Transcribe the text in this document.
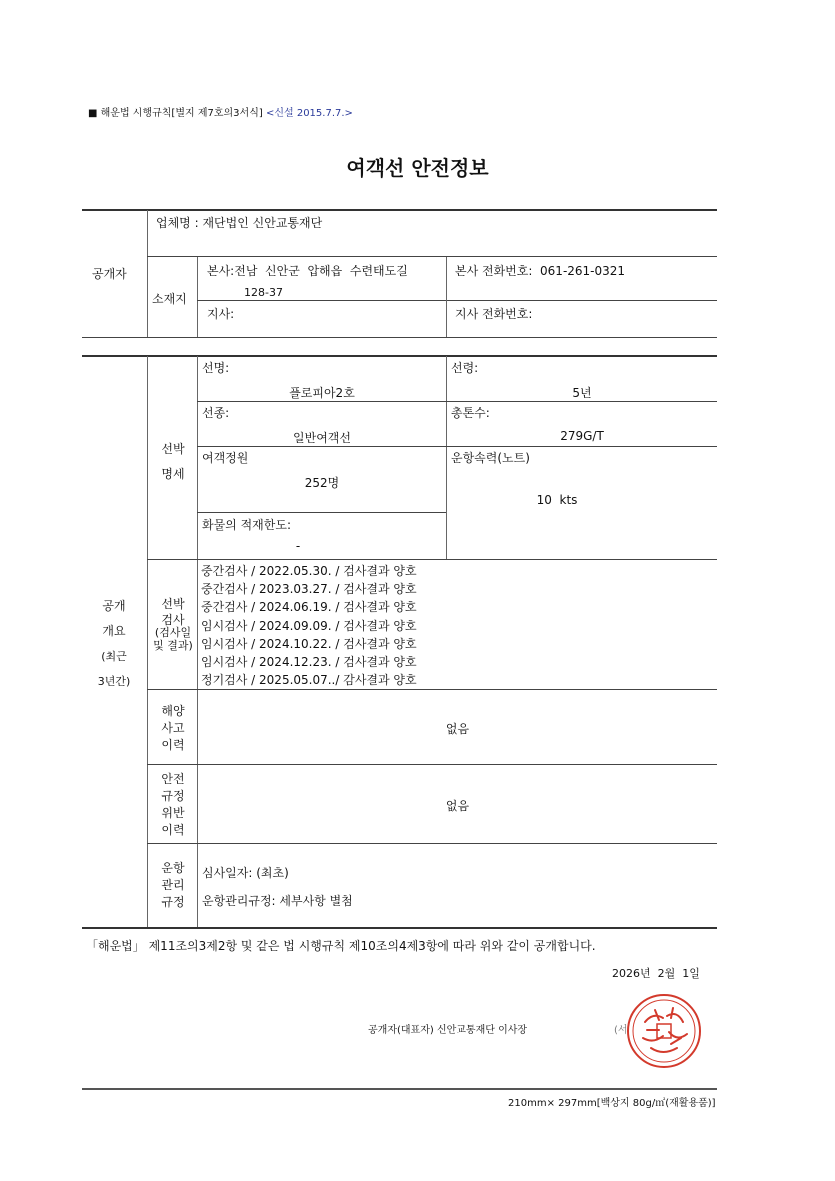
■ 해운법 시행규칙[별지 제7호의3서식] <신설 2015.7.7.>
여객선 안전정보
공개자
업체명 : 재단법인 신안교통재단
소재지
본사:전남  신안군  압해읍  수련태도길
128-37
본사 전화번호:  061-261-0321
지사:	지사 전화번호:
공개
개요
(최근
3년간)
선박
명세
선박
검사
(검사일
및 결과)
해양
사고
이력
안전
규정
위반
이력
운항
관리
규정
선명:
플로피아2호
선령:
5년
선종:
일반여객선
총톤수:
279G/T
여객정원
252명
운항속력(노트)
10  kts
화물의 적재한도:
-
중간검사 / 2022.05.30. / 검사결과 양호
중간검사 / 2023.03.27. / 검사결과 양호
중간검사 / 2024.06.19. / 검사결과 양호
임시검사 / 2024.09.09. / 검사결과 양호
임시검사 / 2024.10.22. / 검사결과 양호
임시검사 / 2024.12.23. / 검사결과 양호
정기검사 / 2025.05.07../ 감사결과 양호
없음
없음
심사일자: (최초)
운항관리규정: 세부사항 별첨
「해운법」 제11조의3제2항 및 같은 법 시행규칙 제10조의4제3항에 따라 위와 같이 공개합니다.
2026년  2월  1일
공개자(대표자) 신안교통재단 이사장	(서
210mm× 297mm[백상지 80g/㎡(재활용품)]
